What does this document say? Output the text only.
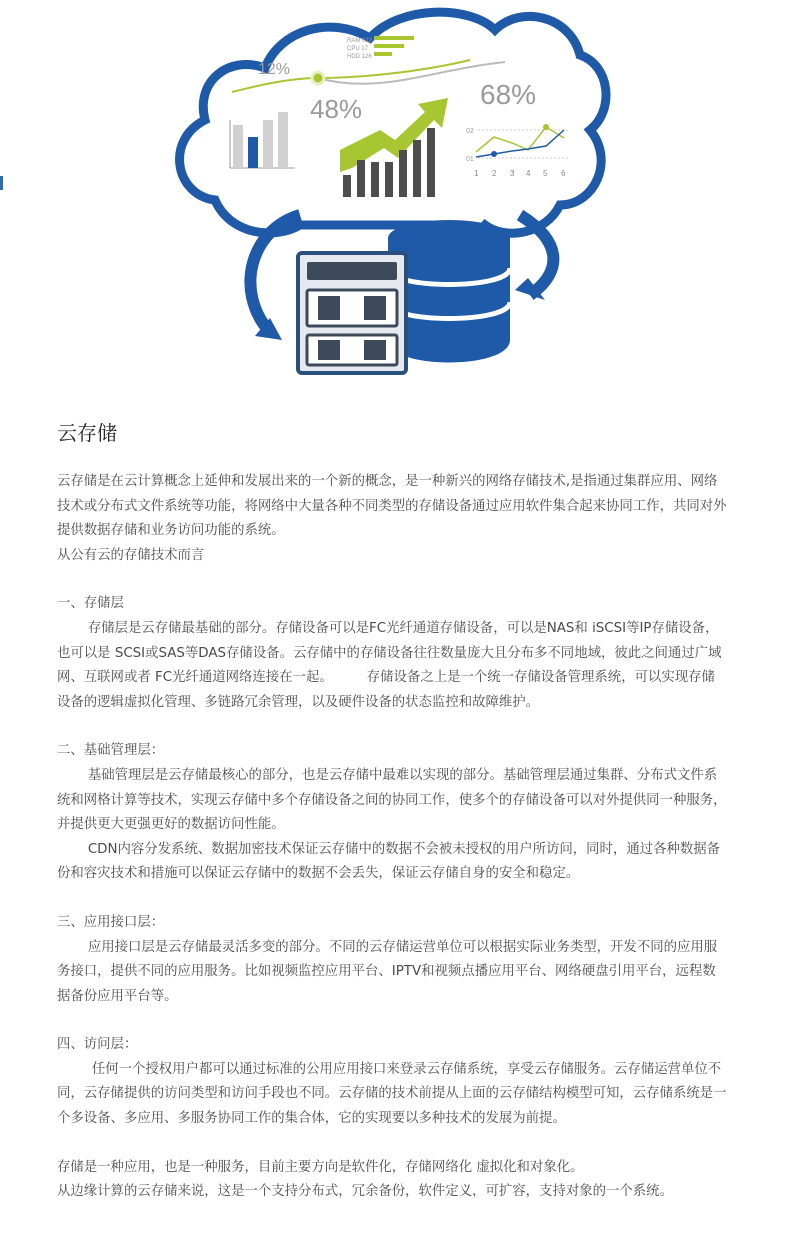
12%
48%	68%
RAM 012
CPU 17
HDD 126
02
01
1 2 3 4 5 6
云存储

云存储是在云计算概念上延伸和发展出来的一个新的概念，是一种新兴的网络存储技术,是指通过集群应用、网络技术或分布式文件系统等功能，将网络中大量各种不同类型的存储设备通过应用软件集合起来协同工作，共同对外提供数据存储和业务访问功能的系统。

从公有云的存储技术而言

一、存储层

存储层是云存储最基础的部分。存储设备可以是FC光纤通道存储设备，可以是NAS和 iSCSI等IP存储设备，也可以是 SCSI或SAS等DAS存储设备。云存储中的存储设备往往数量庞大且分布多不同地域，彼此之间通过广域网、互联网或者 FC光纤通道网络连接在一起。        存储设备之上是一个统一存储设备管理系统，可以实现存储设备的逻辑虚拟化管理、多链路冗余管理，以及硬件设备的状态监控和故障维护。

二、基础管理层：

基础管理层是云存储最核心的部分，也是云存储中最难以实现的部分。基础管理层通过集群、分布式文件系统和网格计算等技术，实现云存储中多个存储设备之间的协同工作，使多个的存储设备可以对外提供同一种服务，并提供更大更强更好的数据访问性能。

CDN内容分发系统、数据加密技术保证云存储中的数据不会被未授权的用户所访问，同时，通过各种数据备份和容灾技术和措施可以保证云存储中的数据不会丢失，保证云存储自身的安全和稳定。

三、应用接口层：

应用接口层是云存储最灵活多变的部分。不同的云存储运营单位可以根据实际业务类型，开发不同的应用服务接口，提供不同的应用服务。比如视频监控应用平台、IPTV和视频点播应用平台、网络硬盘引用平台，远程数据备份应用平台等。

四、访问层：

任何一个授权用户都可以通过标准的公用应用接口来登录云存储系统，享受云存储服务。云存储运营单位不同，云存储提供的访问类型和访问手段也不同。云存储的技术前提从上面的云存储结构模型可知，云存储系统是一个多设备、多应用、多服务协同工作的集合体，它的实现要以多种技术的发展为前提。

存储是一种应用，也是一种服务，目前主要方向是软件化，存储网络化 虚拟化和对象化。

从边缘计算的云存储来说，这是一个支持分布式，冗余备份，软件定义，可扩容，支持对象的一个系统。
